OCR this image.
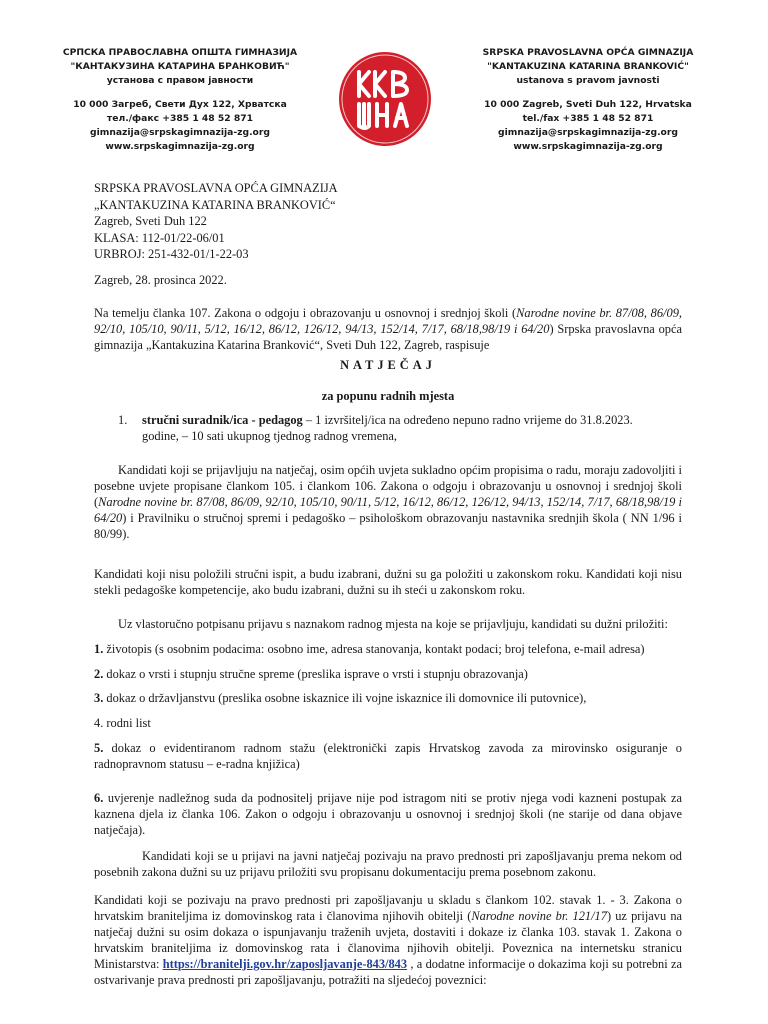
СРПСКА ПРАВОСЛАВНА ОПШТА ГИМНАЗИЈА
"КАНТАКУЗИНА КАТАРИНА БРАНКОВИЋ"
установа с правом јавности
10 000 Загреб, Свети Дух 122, Хрватска
тел./факс +385 1 48 52 871
gimnazija@srpskagimnazija-zg.org
www.srpskagimnazija-zg.org
SRPSKA PRAVOSLAVNA OPĆA GIMNAZIJA
"KANTAKUZINA KATARINA BRANKOVIĆ"
ustanova s pravom javnosti
10 000 Zagreb, Sveti Duh 122, Hrvatska
tel./fax +385 1 48 52 871
gimnazija@srpskagimnazija-zg.org
www.srpskagimnazija-zg.org
SRPSKA PRAVOSLAVNA OPĆA GIMNAZIJA
„KANTAKUZINA KATARINA BRANKOVIĆ“
Zagreb, Sveti Duh 122
KLASA: 112-01/22-06/01
URBROJ: 251-432-01/1-22-03
Zagreb, 28. prosinca 2022.
Na temelju članka 107. Zakona o odgoju i obrazovanju u osnovnoj i srednjoj školi (Narodne novine br. 87/08, 86/09, 92/10, 105/10, 90/11, 5/12, 16/12, 86/12, 126/12, 94/13, 152/14, 7/17, 68/18,98/19 i 64/20) Srpska pravoslavna opća gimnazija „Kantakuzina Katarina Branković“, Sveti Duh 122, Zagreb, raspisuje
NATJEČAJ
za popunu radnih mjesta
1. stručni suradnik/ica - pedagog – 1 izvršitelj/ica na određeno nepuno radno vrijeme do 31.8.2023.
godine, – 10 sati ukupnog tjednog radnog vremena,
Kandidati koji se prijavljuju na natječaj, osim općih uvjeta sukladno općim propisima o radu, moraju zadovoljiti i posebne uvjete propisane člankom 105. i člankom 106. Zakona o odgoju i obrazovanju u osnovnoj i srednjoj školi (Narodne novine br. 87/08, 86/09, 92/10, 105/10, 90/11, 5/12, 16/12, 86/12, 126/12, 94/13, 152/14, 7/17, 68/18,98/19 i 64/20) i Pravilniku o stručnoj spremi i pedagoško – psihološkom obrazovanju nastavnika srednjih škola ( NN 1/96 i 80/99).
Kandidati koji nisu položili stručni ispit, a budu izabrani, dužni su ga položiti u zakonskom roku. Kandidati koji nisu stekli pedagoške kompetencije, ako budu izabrani, dužni su ih steći u zakonskom roku.
Uz vlastoručno potpisanu prijavu s naznakom radnog mjesta na koje se prijavljuju, kandidati su dužni priložiti:
1. životopis (s osobnim podacima: osobno ime, adresa stanovanja, kontakt podaci; broj telefona, e-mail adresa)
2. dokaz o vrsti i stupnju stručne spreme (preslika isprave o vrsti i stupnju obrazovanja)
3. dokaz o državljanstvu (preslika osobne iskaznice ili vojne iskaznice ili domovnice ili putovnice),
4. rodni list
5. dokaz o evidentiranom radnom stažu (elektronički zapis Hrvatskog zavoda za mirovinsko osiguranje o radnopravnom statusu – e-radna knjižica)
6. uvjerenje nadležnog suda da podnositelj prijave nije pod istragom niti se protiv njega vodi kazneni postupak za kaznena djela iz članka 106. Zakon o odgoju i obrazovanju u osnovnoj i srednjoj školi (ne starije od dana objave natječaja).
Kandidati koji se u prijavi na javni natječaj pozivaju na pravo prednosti pri zapošljavanju prema nekom od posebnih zakona dužni su uz prijavu priložiti svu propisanu dokumentaciju prema posebnom zakonu.
Kandidati koji se pozivaju na pravo prednosti pri zapošljavanju u skladu s člankom 102. stavak 1. - 3. Zakona o hrvatskim braniteljima iz domovinskog rata i članovima njihovih obitelji (Narodne novine br. 121/17) uz prijavu na natječaj dužni su osim dokaza o ispunjavanju traženih uvjeta, dostaviti i dokaze iz članka 103. stavak 1. Zakona o hrvatskim braniteljima iz domovinskog rata i članovima njihovih obitelji. Poveznica na internetsku stranicu Ministarstva: https://branitelji.gov.hr/zaposljavanje-843/843 , a dodatne informacije o dokazima koji su potrebni za ostvarivanje prava prednosti pri zapošljavanju, potražiti na sljedećoj poveznici:
